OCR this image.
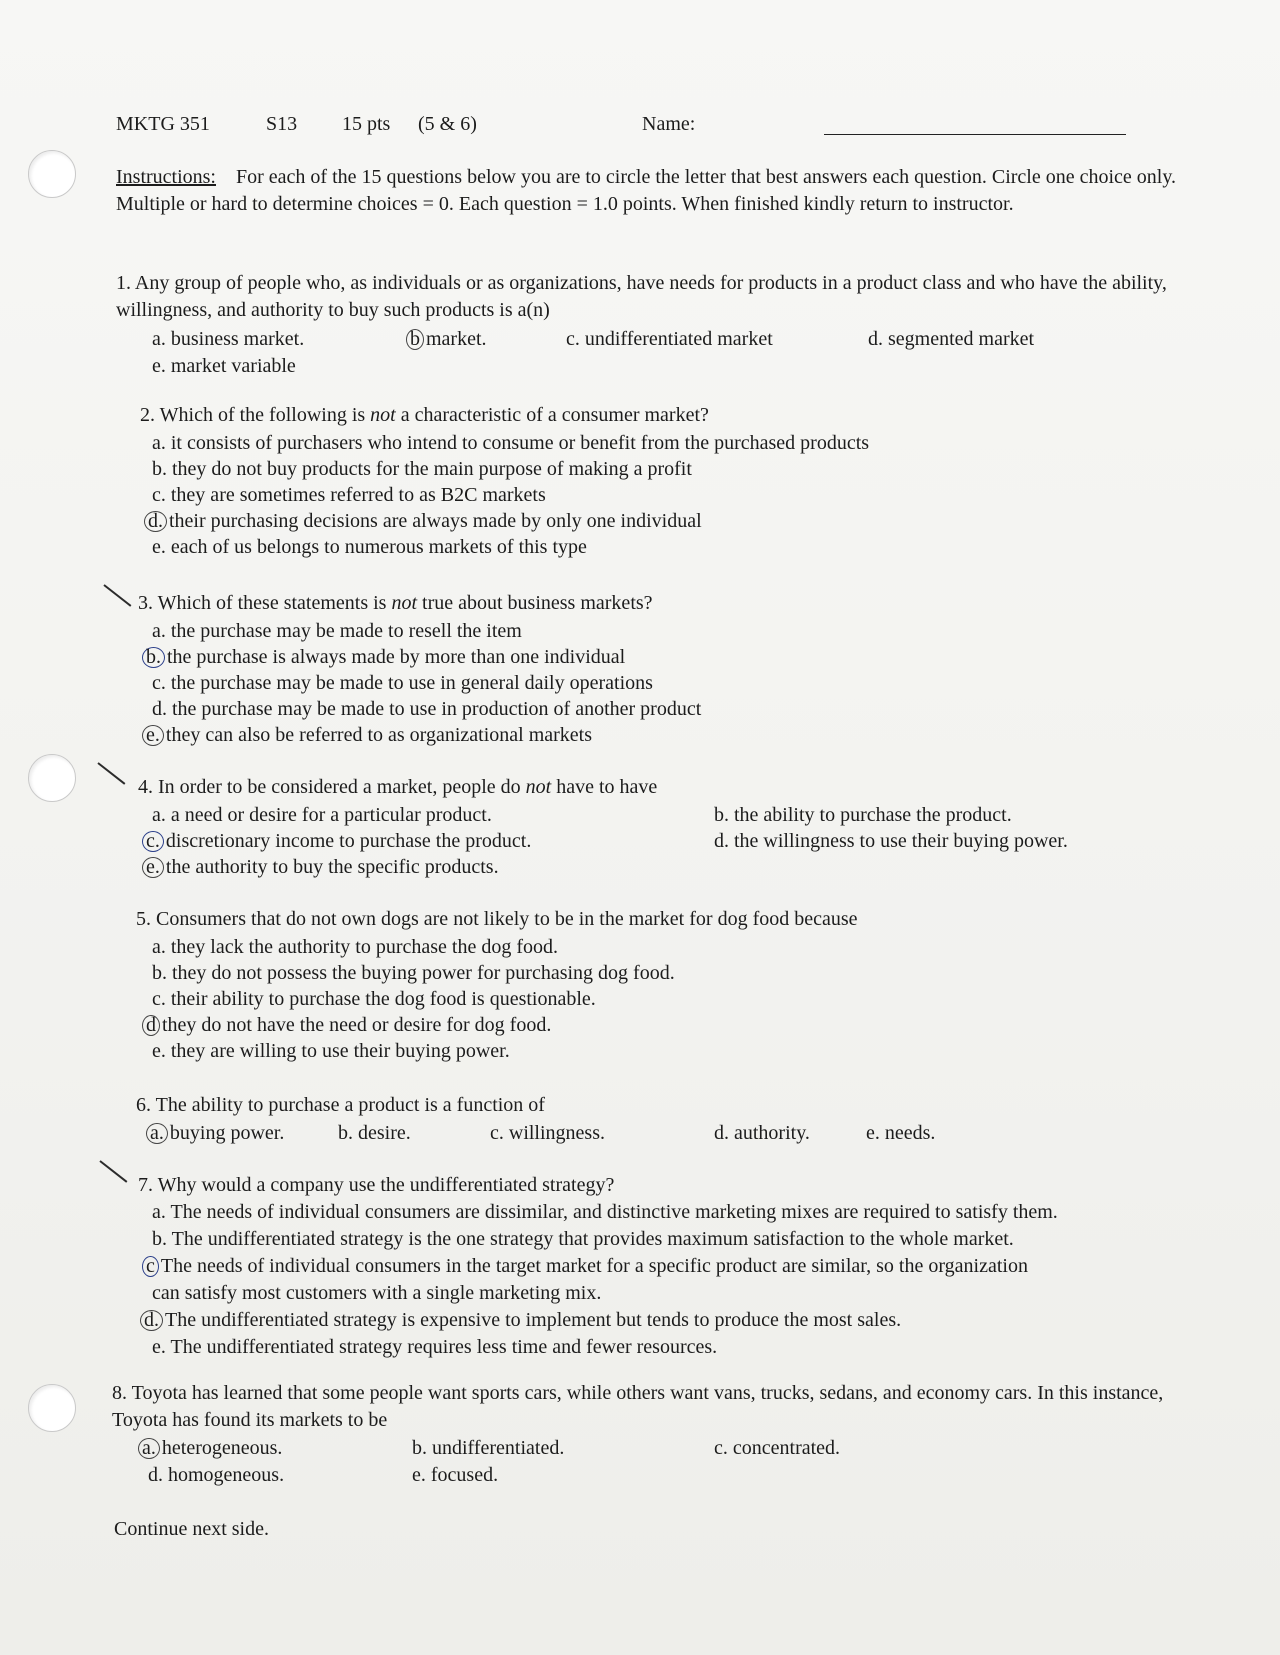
MKTG 351	S13 15 pts (5 & 6)	Name:
Instructions: For each of the 15 questions below you are to circle the letter that best answers each question. Circle one choice only. Multiple or hard to determine choices = 0. Each question = 1.0 points. When finished kindly return to instructor.
1. Any group of people who, as individuals or as organizations, have needs for products in a product class and who have the ability, willingness, and authority to buy such products is a(n)
a. business market.	b market.	c. undifferentiated market	d. segmented market
e. market variable
2. Which of the following is not a characteristic of a consumer market?
a. it consists of purchasers who intend to consume or benefit from the purchased products
b. they do not buy products for the main purpose of making a profit
c. they are sometimes referred to as B2C markets
d. their purchasing decisions are always made by only one individual
e. each of us belongs to numerous markets of this type
3. Which of these statements is not true about business markets?
a. the purchase may be made to resell the item
b. the purchase is always made by more than one individual
c. the purchase may be made to use in general daily operations
d. the purchase may be made to use in production of another product
e. they can also be referred to as organizational markets
4. In order to be considered a market, people do not have to have
a. a need or desire for a particular product.	b. the ability to purchase the product.
c. discretionary income to purchase the product.	d. the willingness to use their buying power.
e. the authority to buy the specific products.
5. Consumers that do not own dogs are not likely to be in the market for dog food because
a. they lack the authority to purchase the dog food.
b. they do not possess the buying power for purchasing dog food.
c. their ability to purchase the dog food is questionable.
d they do not have the need or desire for dog food.
e. they are willing to use their buying power.
6. The ability to purchase a product is a function of
a. buying power.	b. desire.	c. willingness.	d. authority.	e. needs.
7. Why would a company use the undifferentiated strategy?
a. The needs of individual consumers are dissimilar, and distinctive marketing mixes are required to satisfy them.
b. The undifferentiated strategy is the one strategy that provides maximum satisfaction to the whole market.
c The needs of individual consumers in the target market for a specific product are similar, so the organization
can satisfy most customers with a single marketing mix.
d. The undifferentiated strategy is expensive to implement but tends to produce the most sales.
e. The undifferentiated strategy requires less time and fewer resources.
8. Toyota has learned that some people want sports cars, while others want vans, trucks, sedans, and economy cars. In this instance, Toyota has found its markets to be
a. heterogeneous.	b. undifferentiated.	c. concentrated.
d. homogeneous.	e. focused.
Continue next side.
